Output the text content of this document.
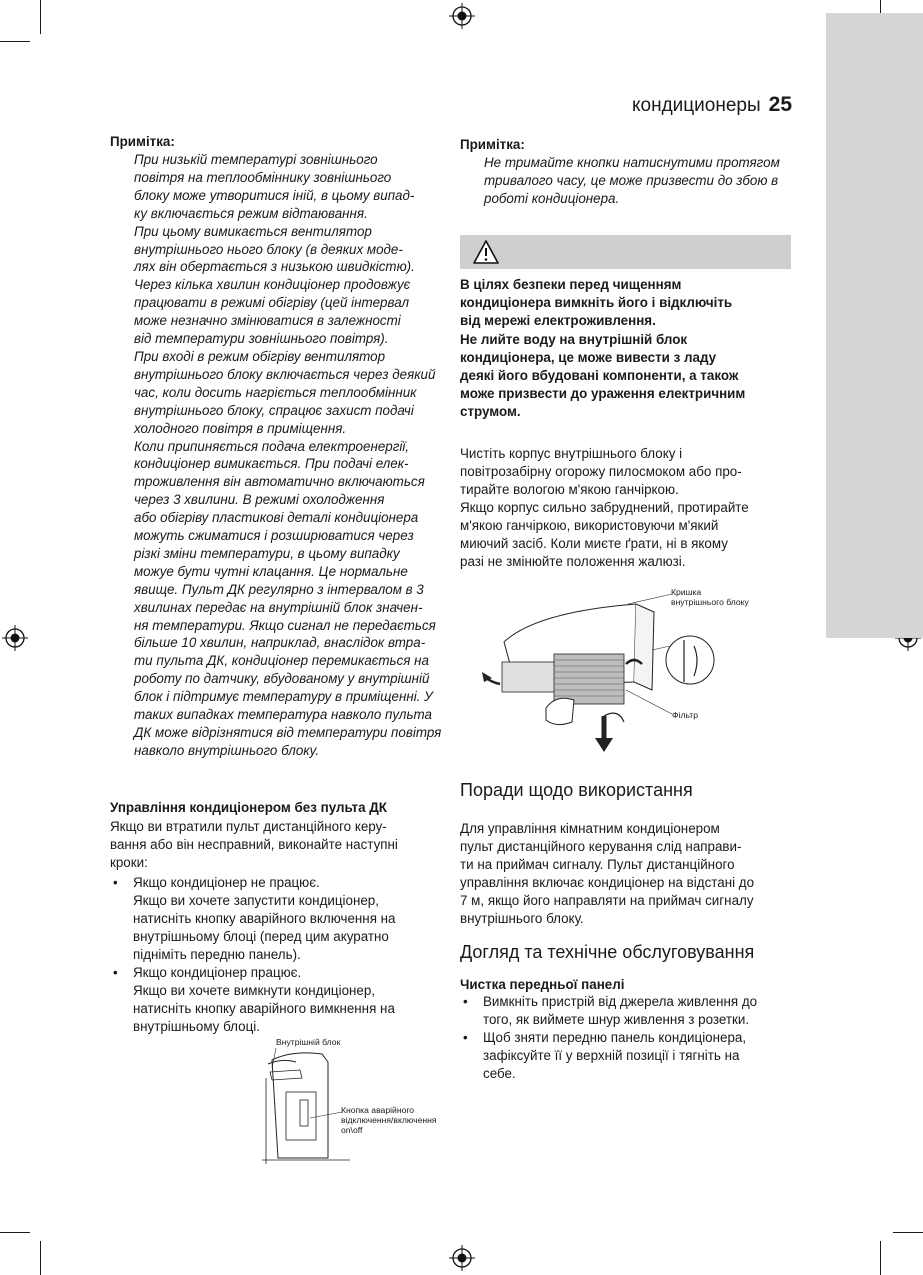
кондиционеры 25
Примітка:
При низькій температурі зовнішнього
повітря на теплообміннику зовнішнього
блоку може утворитися іній, в цьому випад-
ку включається режим відтаювання.
При цьому вимикається вентилятор
внутрішнього нього блоку (в деяких моде-
лях він обертається з низькою швидкістю).
Через кілька хвилин кондиціонер продовжує
працювати в режимі обігріву (цей інтервал
може незначно змінюватися в залежності
від температури зовнішнього повітря).
При вході в режим обігріву вентилятор
внутрішнього блоку включається через деякий
час, коли досить нагріється теплообмінник
внутрішнього блоку, спрацює захист подачі
холодного повітря в приміщення.
Коли припиняється подача електроенергії,
кондиціонер вимикається. При подачі елек-
троживлення він автоматично включаються
через 3 хвилини. В режимі охолодження
або обігріву пластикові деталі кондиціонера
можуть сжиматися і розширюватися через
різкі зміни температури, в цьому випадку
можуе бути чутні клацання. Це нормальне
явище. Пульт ДК регулярно з інтервалом в 3
хвилинах передає на внутрішній блок значен-
ня температури. Якщо сигнал не передається
більше 10 хвилин, наприклад, внаслідок втра-
ти пульта ДК, кондиціонер перемикається на
роботу по датчику, вбудованому у внутрішній
блок і підтримує температуру в приміщенні. У
таких випадках температура навколо пульта
ДК може відрізнятися від температури повітря
навколо внутрішнього блоку.
Управління кондиціонером без пульта ДК
Якщо ви втратили пульт дистанційного керу-
вання або він несправний, виконайте наступні
кроки:
• Якщо кондиціонер не працює.
Якщо ви хочете запустити кондиціонер,
натисніть кнопку аварійного включення на
внутрішньому блоці (перед цим акуратно
підніміть передню панель).
• Якщо кондиціонер працює.
Якщо ви хочете вимкнути кондиціонер,
натисніть кнопку аварійного вимкнення на
внутрішньому блоці.
Внутрішній блок
Кнопка аварійного
відключення/включення
on\off
Примітка:
Не тримайте кнопки натиснутими протягом
тривалого часу, це може призвести до збою в
роботі кондиціонера.
В цілях безпеки перед чищенням
кондиціонера вимкніть його і відключіть
від мережі електроживлення.
Не лийте воду на внутрішній блок
кондиціонера, це може вивести з ладу
деякі його вбудовані компоненти, а також
може призвести до ураження електричним
струмом.
Чистіть корпус внутрішнього блоку і
повітрозабірну огорожу пилосмоком або про-
тирайте вологою м'якою ганчіркою.
Якщо корпус сильно забруднений, протирайте
м'якою ганчіркою, використовуючи м'який
миючий засіб. Коли миєте ґрати, ні в якому
разі не змінюйте положення жалюзі.
Кришка
внутрішнього блоку
Фільтр
Поради щодо використання
Для управління кімнатним кондиціонером
пульт дистанційного керування слід направи-
ти на приймач сигналу. Пульт дистанційного
управління включає кондиціонер на відстані до
7 м, якщо його направляти на приймач сигналу
внутрішнього блоку.
Догляд та технічне обслуговування
Чистка передньої панелі
• Вимкніть пристрій від джерела живлення до
того, як виймете шнур живлення з розетки.
• Щоб зняти передню панель кондиціонера,
зафіксуйте її у верхній позиції і тягніть на
себе.
